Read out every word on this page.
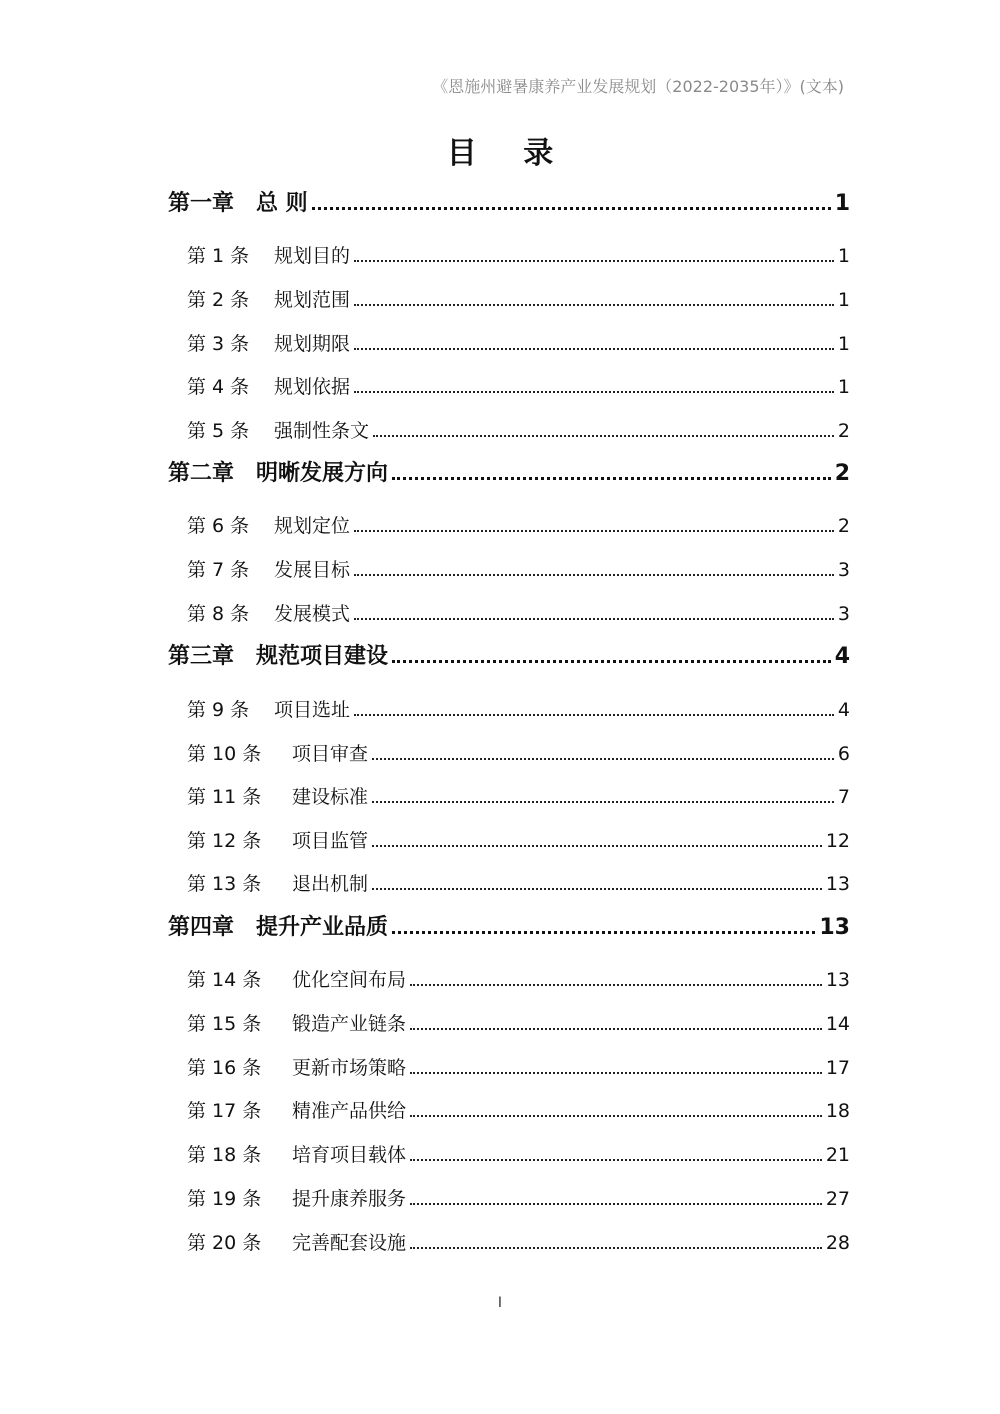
《恩施州避暑康养产业发展规划（2022-2035年）》(文本)
目 录
第一章 总 则	1
第 1 条	规划目的	1
第 2 条	规划范围	1
第 3 条	规划期限	1
第 4 条	规划依据	1
第 5 条	强制性条文	2
第二章 明晰发展方向	2
第 6 条	规划定位	2
第 7 条	发展目标	3
第 8 条	发展模式	3
第三章 规范项目建设	4
第 9 条	项目选址	4
第 10 条	项目审查	6
第 11 条	建设标准	7
第 12 条	项目监管	12
第 13 条	退出机制	13
第四章 提升产业品质	13
第 14 条	优化空间布局	13
第 15 条	锻造产业链条	14
第 16 条	更新市场策略	17
第 17 条	精准产品供给	18
第 18 条	培育项目载体	21
第 19 条	提升康养服务	27
第 20 条	完善配套设施	28
I
